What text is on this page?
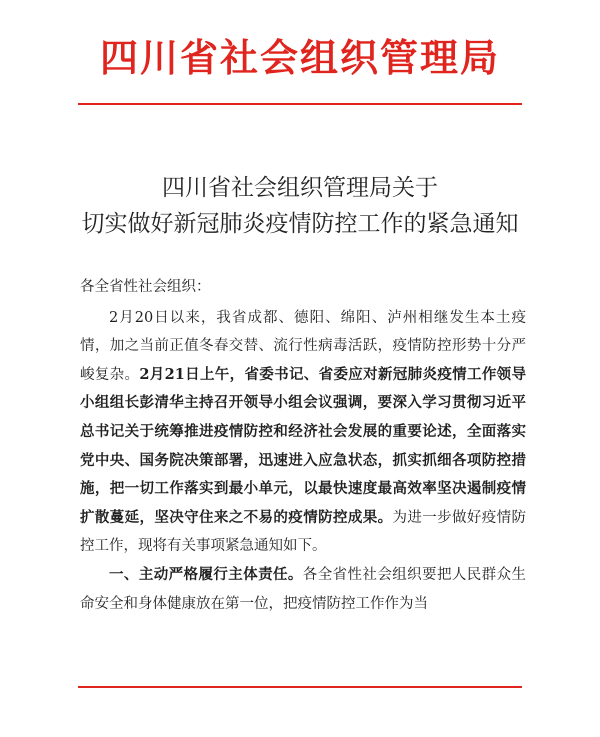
四川省社会组织管理局
四川省社会组织管理局关于
切实做好新冠肺炎疫情防控工作的紧急通知

各全省性社会组织：

2月20日以来，我省成都、德阳、绵阳、泸州相继发生本土疫情，加之当前正值冬春交替、流行性病毒活跃，疫情防控形势十分严峻复杂。2月21日上午，省委书记、省委应对新冠肺炎疫情工作领导小组组长彭清华主持召开领导小组会议强调，要深入学习贯彻习近平总书记关于统筹推进疫情防控和经济社会发展的重要论述，全面落实党中央、国务院决策部署，迅速进入应急状态，抓实抓细各项防控措施，把一切工作落实到最小单元，以最快速度最高效率坚决遏制疫情扩散蔓延，坚决守住来之不易的疫情防控成果。为进一步做好疫情防控工作，现将有关事项紧急通知如下。

一、主动严格履行主体责任。各全省性社会组织要把人民群众生命安全和身体健康放在第一位，把疫情防控工作作为当
